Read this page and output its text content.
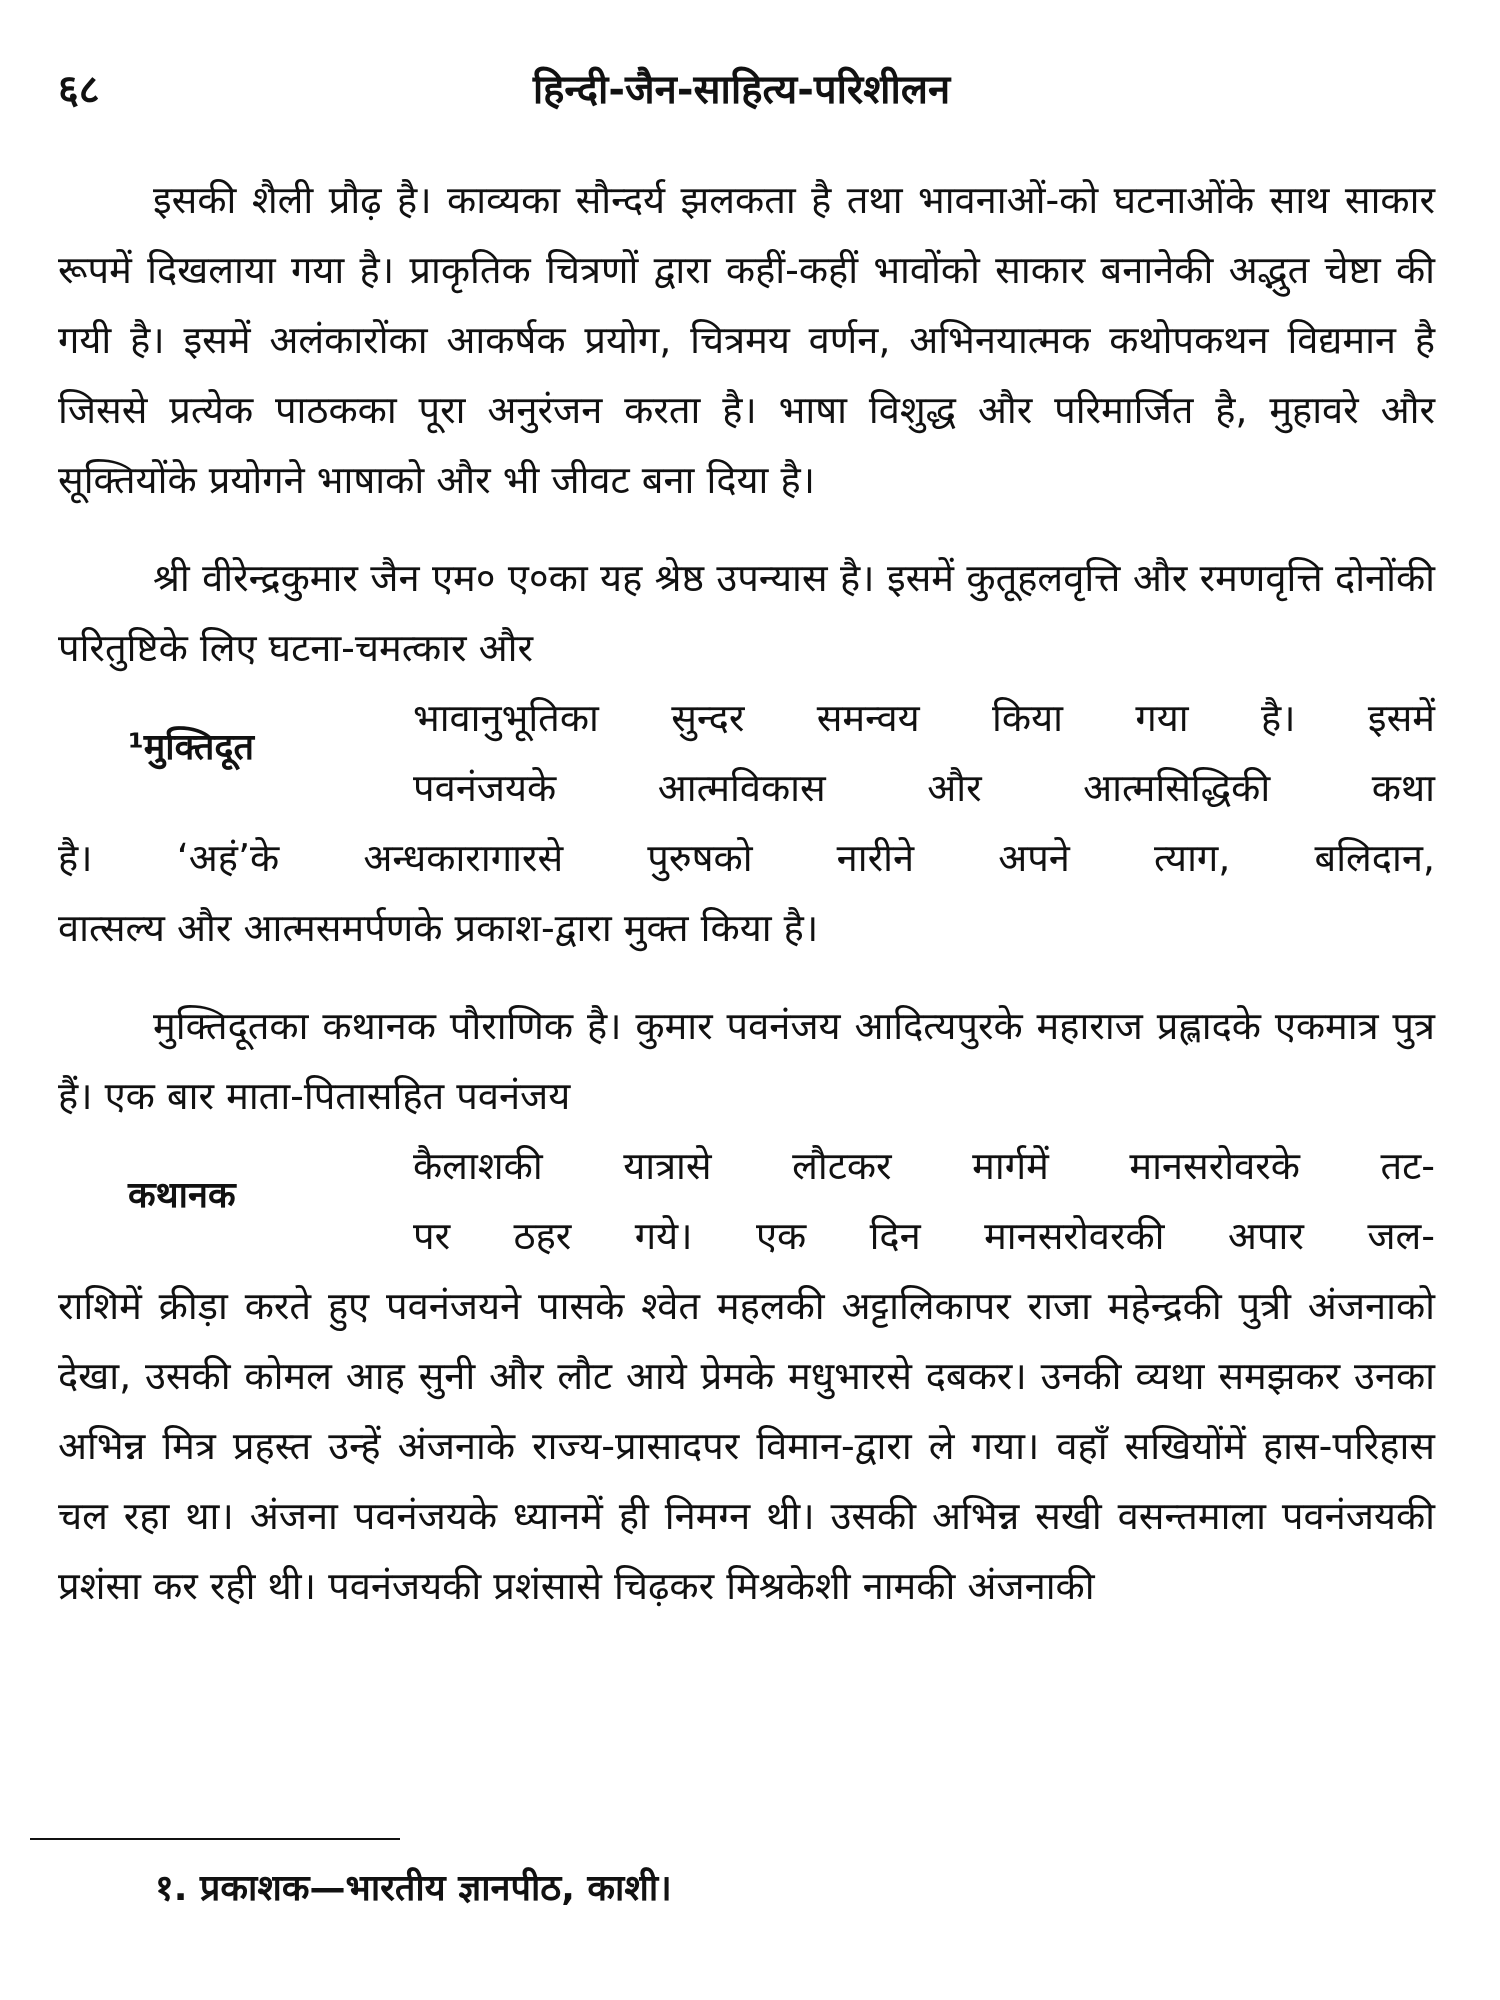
६८	हिन्दी-जैन-साहित्य-परिशीलन

इसकी शैली प्रौढ़ है। काव्यका सौन्दर्य झलकता है तथा भावनाओं-को घटनाओंके साथ साकार रूपमें दिखलाया गया है। प्राकृतिक चित्रणों द्वारा कहीं-कहीं भावोंको साकार बनानेकी अद्भुत चेष्टा की गयी है। इसमें अलंकारोंका आकर्षक प्रयोग, चित्रमय वर्णन, अभिनयात्मक कथोपकथन विद्यमान है जिससे प्रत्येक पाठकका पूरा अनुरंजन करता है। भाषा विशुद्ध और परिमार्जित है, मुहावरे और सूक्तियोंके प्रयोगने भाषाको और भी जीवट बना दिया है।

श्री वीरेन्द्रकुमार जैन एम० ए०का यह श्रेष्ठ उपन्यास है। इसमें कुतूहलवृत्ति और रमणवृत्ति दोनोंकी परितुष्टिके लिए घटना-चमत्कार और

¹मुक्तिदूत
भावानुभूतिका सुन्दर समन्वय किया गया है। इसमें
पवनंजयके आत्मविकास और आत्मसिद्धिकी कथा
है। ‘अहं’के अन्धकारागारसे पुरुषको नारीने अपने त्याग, बलिदान,
वात्सल्य और आत्मसमर्पणके प्रकाश-द्वारा मुक्त किया है।

मुक्तिदूतका कथानक पौराणिक है। कुमार पवनंजय आदित्यपुरके महाराज प्रह्लादके एकमात्र पुत्र हैं। एक बार माता-पितासहित पवनंजय

कथानक
कैलाशकी यात्रासे लौटकर मार्गमें मानसरोवरके तट-
पर ठहर गये। एक दिन मानसरोवरकी अपार जल-

राशिमें क्रीड़ा करते हुए पवनंजयने पासके श्वेत महलकी अट्टालिकापर राजा महेन्द्रकी पुत्री अंजनाको देखा, उसकी कोमल आह सुनी और लौट आये प्रेमके मधुभारसे दबकर। उनकी व्यथा समझकर उनका अभिन्न मित्र प्रहस्त उन्हें अंजनाके राज्य-प्रासादपर विमान-द्वारा ले गया। वहाँ सखियोंमें हास-परिहास चल रहा था। अंजना पवनंजयके ध्यानमें ही निमग्न थी। उसकी अभिन्न सखी वसन्तमाला पवनंजयकी प्रशंसा कर रही थी। पवनंजयकी प्रशंसासे चिढ़कर मिश्रकेशी नामकी अंजनाकी

१. प्रकाशक—भारतीय ज्ञानपीठ, काशी।
